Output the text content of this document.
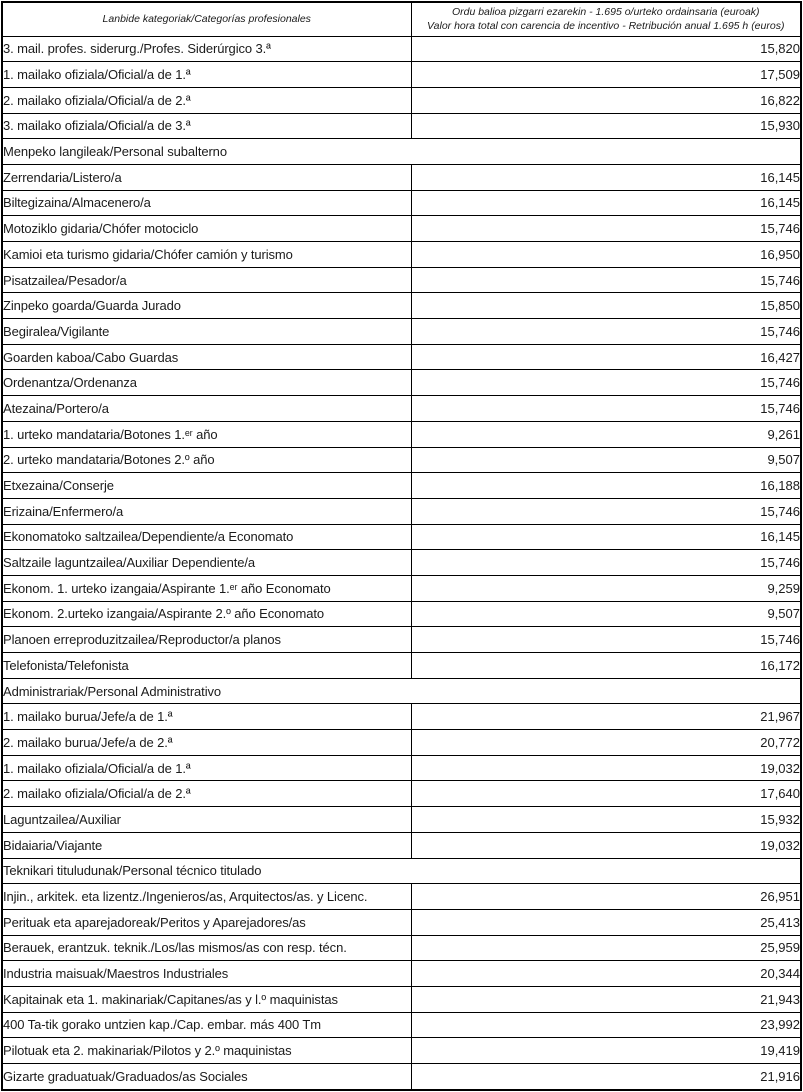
Lanbide kategoriak/Categorías profesionales	Ordu balioa pizgarri ezarekin - 1.695 o/urteko ordainsaria (euroak)
Valor hora total con carencia de incentivo - Retribución anual 1.695 h (euros)

3. mail. profes. siderurg./Profes. Siderúrgico 3.ª	15,820
1. mailako ofiziala/Oficial/a de 1.ª	17,509
2. mailako ofiziala/Oficial/a de 2.ª	16,822
3. mailako ofiziala/Oficial/a de 3.ª	15,930
Menpeko langileak/Personal subalterno	
Zerrendaria/Listero/a	16,145
Biltegizaina/Almacenero/a	16,145
Motoziklo gidaria/Chófer motociclo	15,746
Kamioi eta turismo gidaria/Chófer camión y turismo	16,950
Pisatzailea/Pesador/a	15,746
Zinpeko goarda/Guarda Jurado	15,850
Begiralea/Vigilante	15,746
Goarden kaboa/Cabo Guardas	16,427
Ordenantza/Ordenanza	15,746
Atezaina/Portero/a	15,746
1. urteko mandataria/Botones 1.ᵉʳ año	9,261
2. urteko mandataria/Botones 2.º año	9,507
Etxezaina/Conserje	16,188
Erizaina/Enfermero/a	15,746
Ekonomatoko saltzailea/Dependiente/a Economato	16,145
Saltzaile laguntzailea/Auxiliar Dependiente/a	15,746
Ekonom. 1. urteko izangaia/Aspirante 1.ᵉʳ año Economato	9,259
Ekonom. 2.urteko izangaia/Aspirante 2.º año Economato	9,507
Planoen erreproduzitzailea/Reproductor/a planos	15,746
Telefonista/Telefonista	16,172
Administrariak/Personal Administrativo	
1. mailako burua/Jefe/a de 1.ª	21,967
2. mailako burua/Jefe/a de 2.ª	20,772
1. mailako ofiziala/Oficial/a de 1.ª	19,032
2. mailako ofiziala/Oficial/a de 2.ª	17,640
Laguntzailea/Auxiliar	15,932
Bidaiaria/Viajante	19,032
Teknikari tituludunak/Personal técnico titulado	
Injin., arkitek. eta lizentz./Ingenieros/as, Arquitectos/as. y Licenc.	26,951
Perituak eta aparejadoreak/Peritos y Aparejadores/as	25,413
Berauek, erantzuk. teknik./Los/las mismos/as con resp. técn.	25,959
Industria maisuak/Maestros Industriales	20,344
Kapitainak eta 1. makinariak/Capitanes/as y l.º maquinistas	21,943
400 Ta-tik gorako untzien kap./Cap. embar. más 400 Tm	23,992
Pilotuak eta 2. makinariak/Pilotos y 2.º maquinistas	19,419
Gizarte graduatuak/Graduados/as Sociales	21,916
